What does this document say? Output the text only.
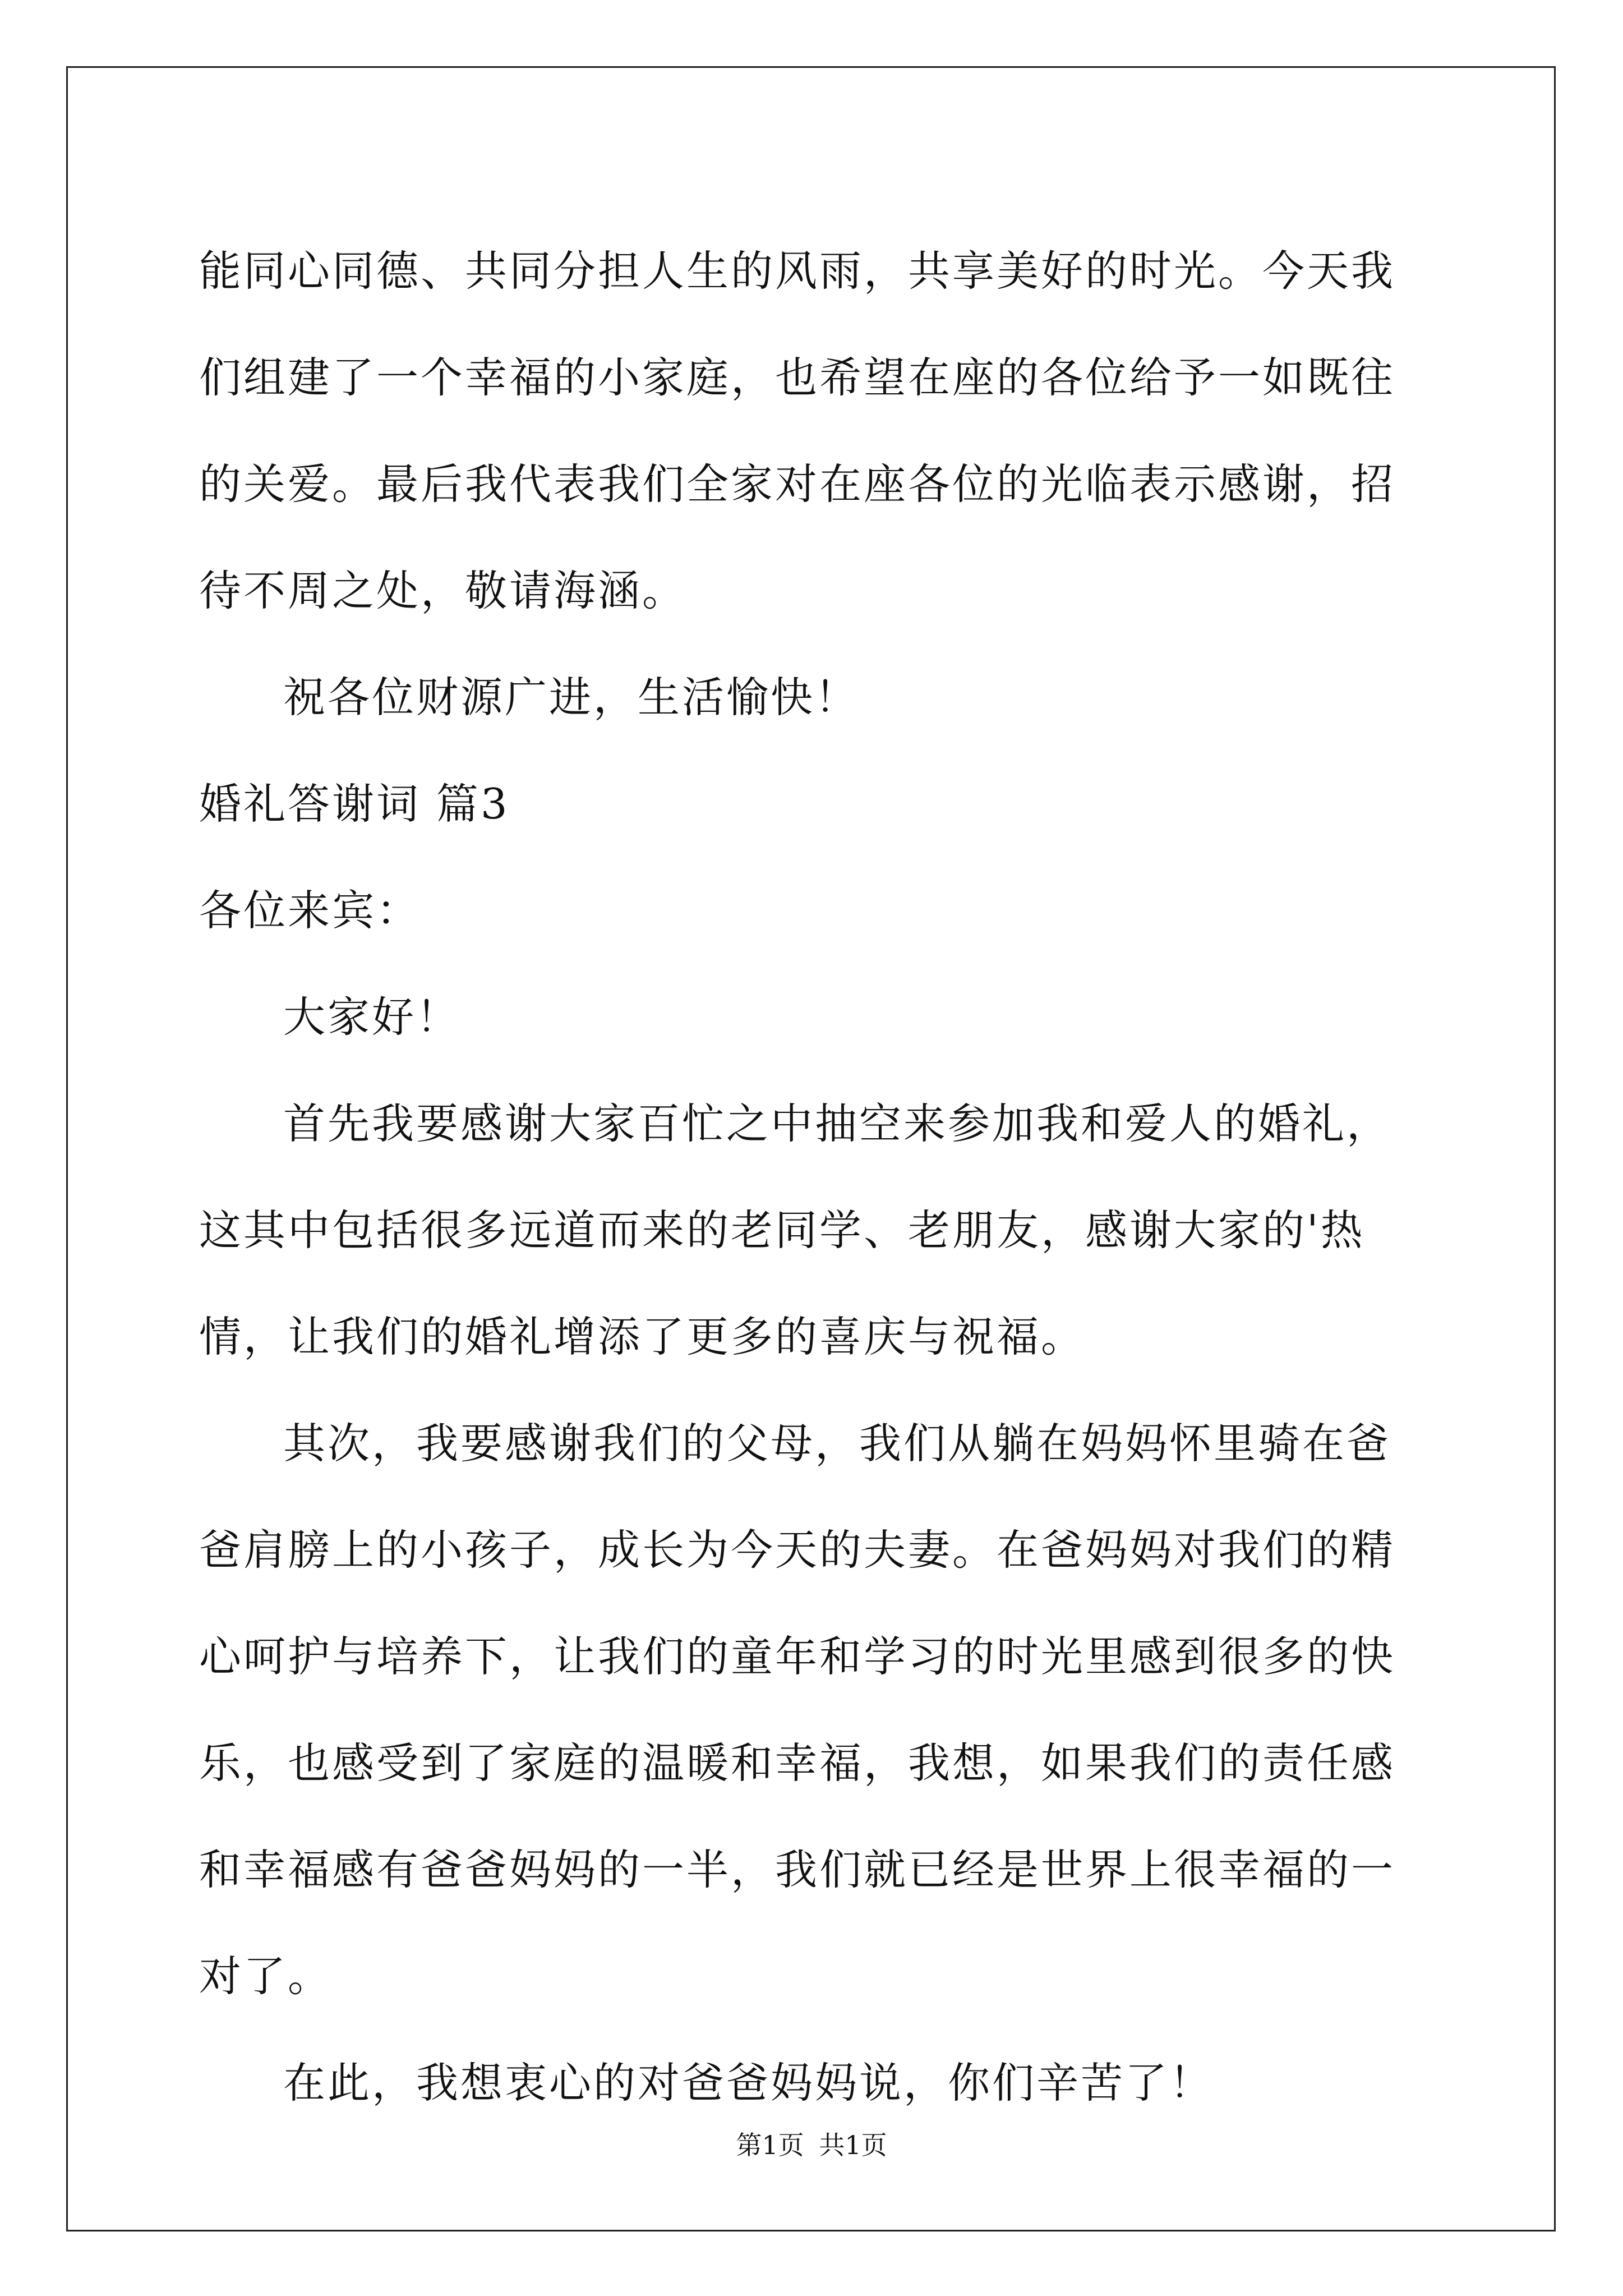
能同心同德、共同分担人生的风雨，共享美好的时光。今天我们组建了一个幸福的小家庭，也希望在座的各位给予一如既往的关爱。最后我代表我们全家对在座各位的光临表示感谢，招待不周之处，敬请海涵。

祝各位财源广进，生活愉快！

婚礼答谢词 篇3

各位来宾：

大家好！

首先我要感谢大家百忙之中抽空来参加我和爱人的婚礼，这其中包括很多远道而来的老同学、老朋友，感谢大家的'热情，让我们的婚礼增添了更多的喜庆与祝福。

其次，我要感谢我们的父母，我们从躺在妈妈怀里骑在爸爸肩膀上的小孩子，成长为今天的夫妻。在爸妈妈对我们的精心呵护与培养下，让我们的童年和学习的时光里感到很多的快乐，也感受到了家庭的温暖和幸福，我想，如果我们的责任感和幸福感有爸爸妈妈的一半，我们就已经是世界上很幸福的一对了。

在此，我想衷心的对爸爸妈妈说，你们辛苦了！

第1页 共1页
